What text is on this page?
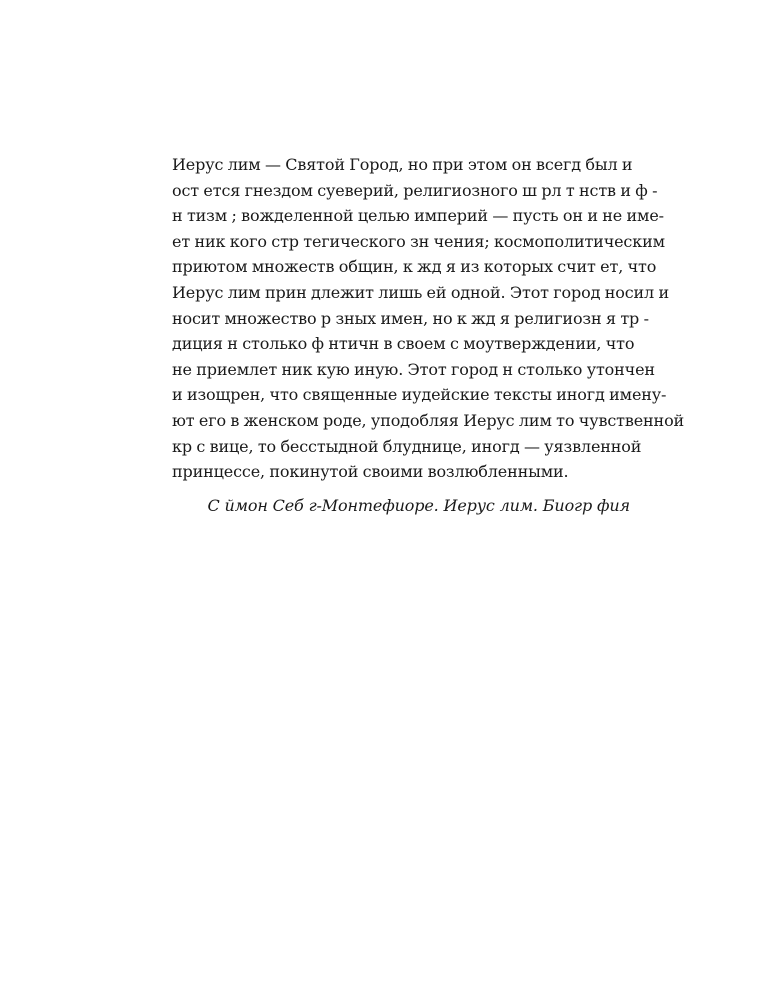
Иерус лим — Святой Город, но при этом он всегд был и
ост ется гнездом суеверий, религиозного ш рл т нств и ф -
н тизм ; вожделенной целью империй — пусть он и не име-
ет ник кого стр тегического зн чения; космополитическим
приютом множеств общин, к жд я из которых счит ет, что
Иерус лим прин длежит лишь ей одной. Этот город носил и
носит множество р зных имен, но к жд я религиозн я тр -
диция н столько ф нтичн в своем с моутверждении, что
не приемлет ник кую иную. Этот город н столько утончен
и изощрен, что священные иудейские тексты иногд имену-
ют его в женском роде, уподобляя Иерус лим то чувственной
кр с вице, то бесстыдной блуднице, иногд — уязвленной
принцессе, покинутой своими возлюбленными.

С ймон Себ г-Монтефиоре. Иерус лим. Биогр фия
